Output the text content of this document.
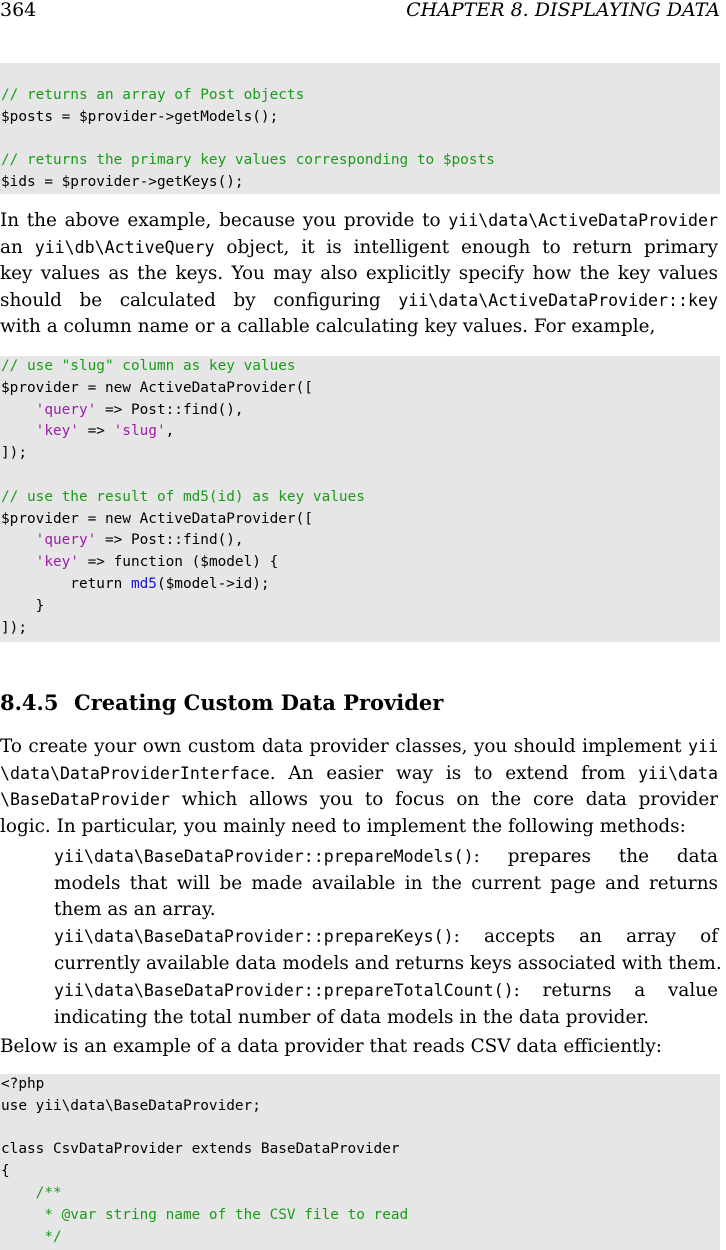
364	CHAPTER 8. DISPLAYING DATA
// returns an array of Post objects
$posts = $provider->getModels();
// returns the primary key values corresponding to $posts
$ids = $provider->getKeys();
In the above example, because you provide to yii\data\ActiveDataProvider
an yii\db\ActiveQuery object, it is intelligent enough to return primary
key values as the keys. You may also explicitly specify how the key values
should be calculated by configuring yii\data\ActiveDataProvider::key
with a column name or a callable calculating key values. For example,
// use "slug" column as key values
$provider = new ActiveDataProvider([
'query' => Post::find(),
'key' => 'slug',
]);
// use the result of md5(id) as key values
$provider = new ActiveDataProvider([
'query' => Post::find(),
'key' => function ($model) {
return md5($model->id);
}
]);
8.4.5 Creating Custom Data Provider
To create your own custom data provider classes, you should implement yii
\data\DataProviderInterface. An easier way is to extend from yii\data
\BaseDataProvider which allows you to focus on the core data provider
logic. In particular, you mainly need to implement the following methods:
yii\data\BaseDataProvider::prepareModels(): prepares the data
models that will be made available in the current page and returns
them as an array.
yii\data\BaseDataProvider::prepareKeys(): accepts an array of
currently available data models and returns keys associated with them.
yii\data\BaseDataProvider::prepareTotalCount(): returns a value
indicating the total number of data models in the data provider.
Below is an example of a data provider that reads CSV data efficiently:
<?php
use yii\data\BaseDataProvider;
class CsvDataProvider extends BaseDataProvider
{
/**
* @var string name of the CSV file to read
*/
